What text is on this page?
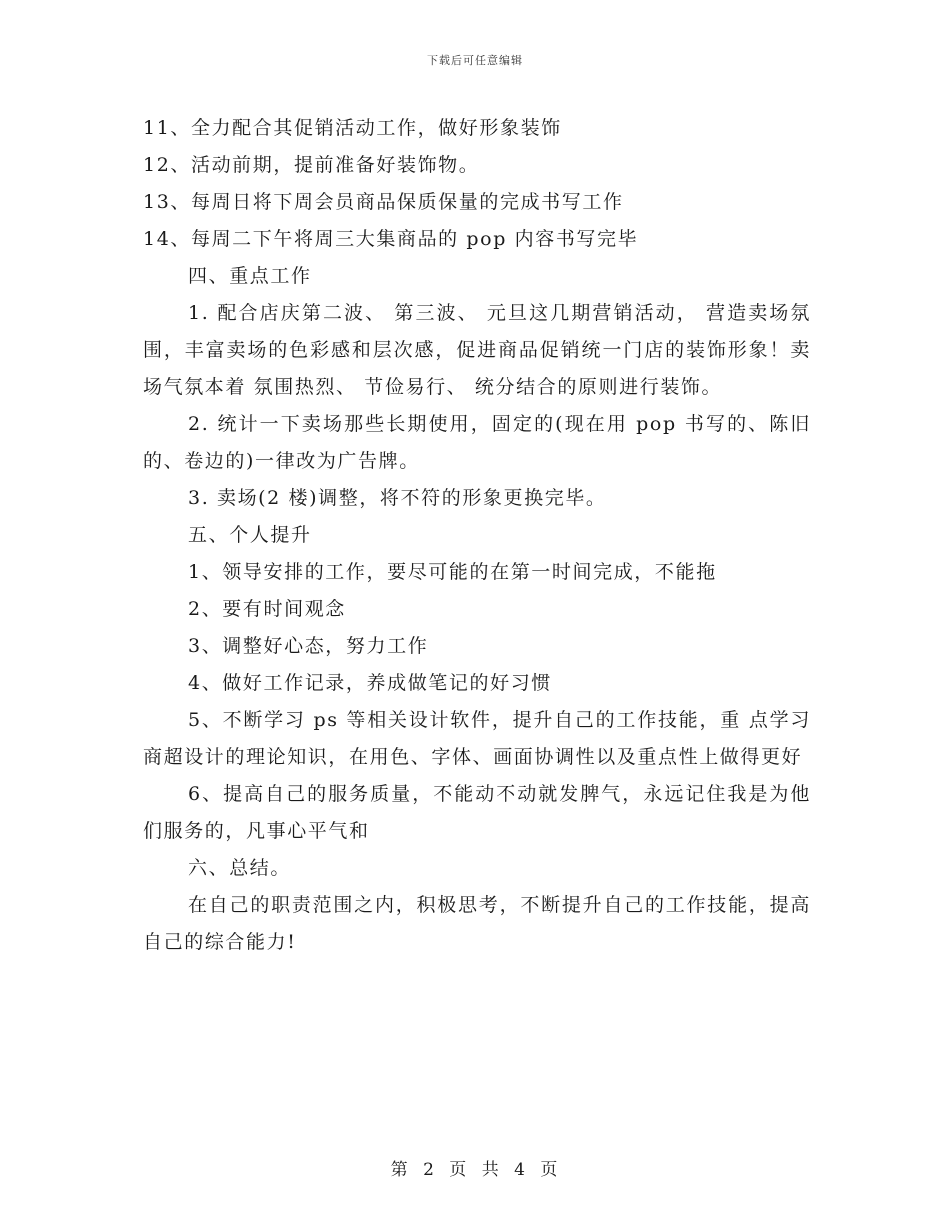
下载后可任意编辑
11、全力配合其促销活动工作，做好形象装饰
12、活动前期，提前准备好装饰物。
13、每周日将下周会员商品保质保量的完成书写工作
14、每周二下午将周三大集商品的 pop 内容书写完毕
四、重点工作
1. 配合店庆第二波、 第三波、 元旦这几期营销活动， 营造卖场氛围，丰富卖场的色彩感和层次感，促进商品促销统一门店的装饰形象！卖场气氛本着 氛围热烈、 节俭易行、 统分结合的原则进行装饰。
2. 统计一下卖场那些长期使用，固定的(现在用 pop 书写的、陈旧的、卷边的)一律改为广告牌。
3. 卖场(2 楼)调整，将不符的形象更换完毕。
五、个人提升
1、领导安排的工作，要尽可能的在第一时间完成，不能拖
2、要有时间观念
3、调整好心态，努力工作
4、做好工作记录，养成做笔记的好习惯
5、不断学习 ps 等相关设计软件，提升自己的工作技能，重 点学习商超设计的理论知识，在用色、字体、画面协调性以及重点性上做得更好
6、提高自己的服务质量，不能动不动就发脾气，永远记住我是为他们服务的，凡事心平气和
六、总结。
在自己的职责范围之内，积极思考，不断提升自己的工作技能，提高自己的综合能力!
第 2 页 共 4 页
